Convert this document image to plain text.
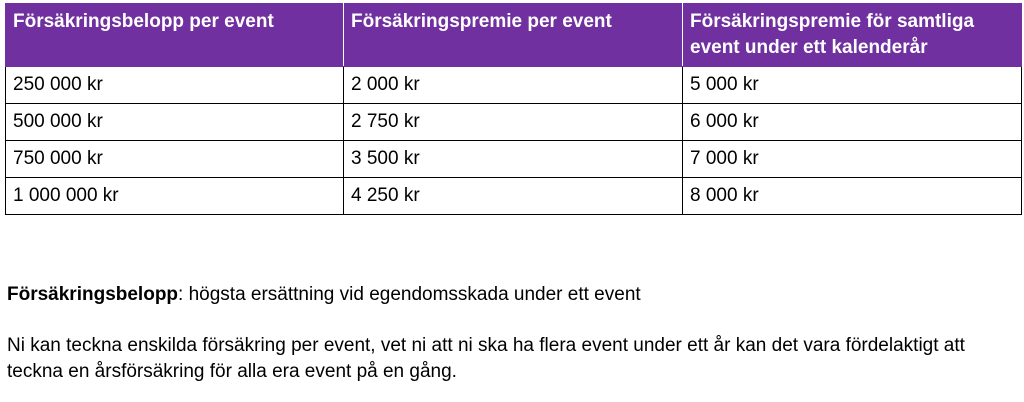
Försäkringsbelopp per event	Försäkringspremie per event	Försäkringspremie för samtliga event under ett kalenderår
250 000 kr	2 000 kr	5 000 kr
500 000 kr	2 750 kr	6 000 kr
750 000 kr	3 500 kr	7 000 kr
1 000 000 kr	4 250 kr	8 000 kr

Försäkringsbelopp: högsta ersättning vid egendomsskada under ett event

Ni kan teckna enskilda försäkring per event, vet ni att ni ska ha flera event under ett år kan det vara fördelaktigt att teckna en årsförsäkring för alla era event på en gång.
